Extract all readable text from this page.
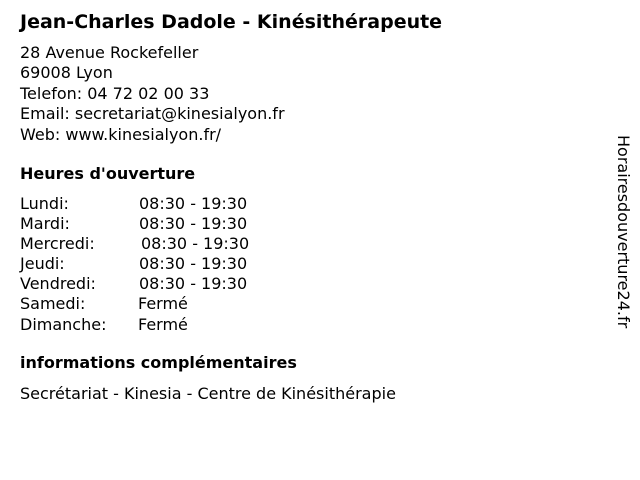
Jean-Charles Dadole - Kinésithérapeute
28 Avenue Rockefeller
69008 Lyon
Telefon: 04 72 02 00 33
Email: secretariat@kinesialyon.fr
Web: www.kinesialyon.fr/
Heures d'ouverture
Lundi:	08:30 - 19:30
Mardi:	08:30 - 19:30
Mercredi:	08:30 - 19:30
Jeudi:	08:30 - 19:30
Vendredi:	08:30 - 19:30
Samedi:	Fermé
Dimanche: Fermé
informations complémentaires
Secrétariat - Kinesia - Centre de Kinésithérapie
Horairesdouverture24.fr
